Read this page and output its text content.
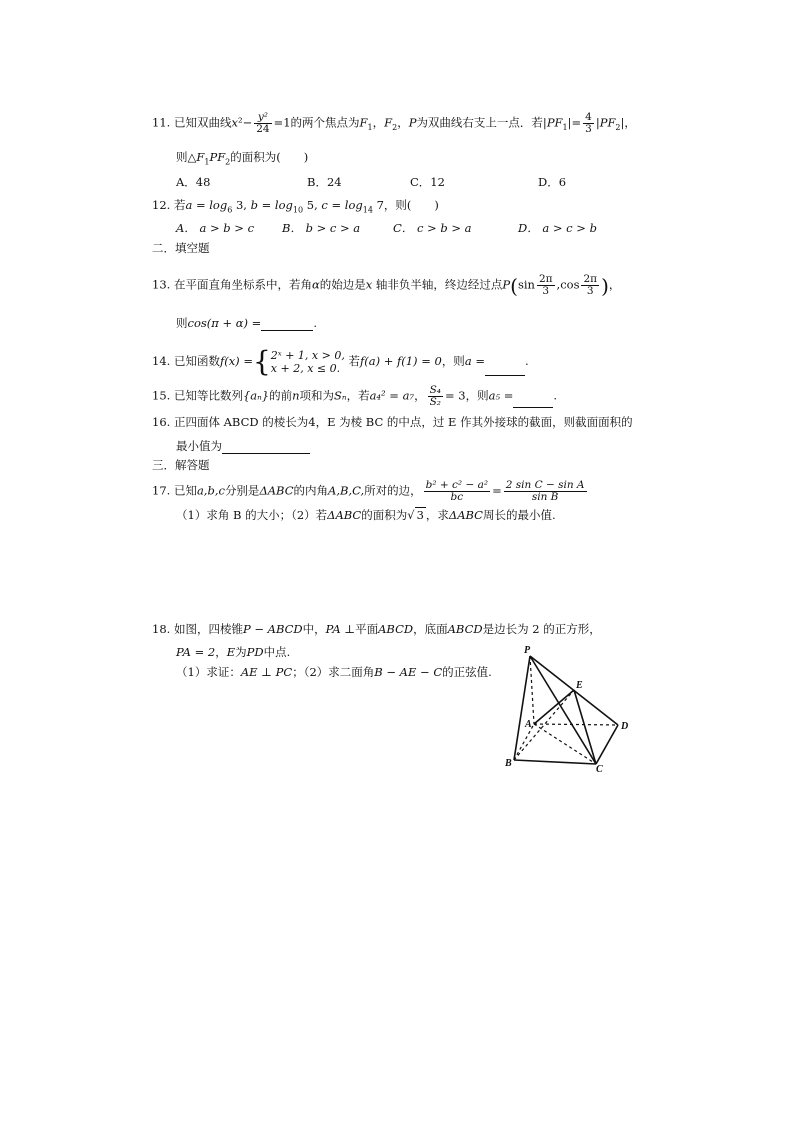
11. 已知双曲线$x^2- \frac{\text{y²}}{24} =1$的两个焦点为$F_1$，$F_2$，P为双曲线右支上一点．若$|PF_1|= \frac{4}{3} |PF_2|$，
则$\triangle F_1PF_2$的面积为(　　)
A．48	B．24	C．12	D．6
12. 若$a = \log_6 3$, $b = \log_{10} 5$, $c = \log_{14} 7$，则(　　)
A． a > b > c B． b > c > a	C． c > b > a	D． a > c > b
二．填空题
13. 在平面直角坐标系中，若角α的始边是x 轴非负半轴，终边经过点$P(\sin \frac{2\pi}{3} ,\cos \frac{2\pi}{3}$ )，
则cos(π + α) =	.
14. 已知函数f(x) ={ 2ˣ + 1, x > 0,
x + 2, x ≤ 0.
若f(a) + f(1) = 0，则a =	.
15. 已知等比数列{aₙ}的前n项和为Sₙ，若a₄² = a₇， $\frac{\text{S₄}}{\text{S₂}} = 3$，则a₅ =	.
16. 正四面体 ABCD 的棱长为4，E 为棱 BC 的中点，过 E 作其外接球的截面，则截面面积的
最小值为
三．解答题
17. 已知a,b,c分别是ΔABC的内角A,B,C,所对的边， $\frac{\text{b² + c² − a²}}{bc} = \frac{\text{2 sin C − sin A}}{\text{sin B}}$
（1）求角 B 的大小；（2）若ΔABC的面积为√ 3 ，求ΔABC周长的最小值.
18. 如图，四棱锥P − ABCD中，PA ⊥平面ABCD，底面ABCD是边长为 2 的正方形，
PA = 2，E为PD中点.
（1）求证：AE ⊥ PC；（2）求二面角B − AE − C的正弦值.
P
E
A	D
B
C
